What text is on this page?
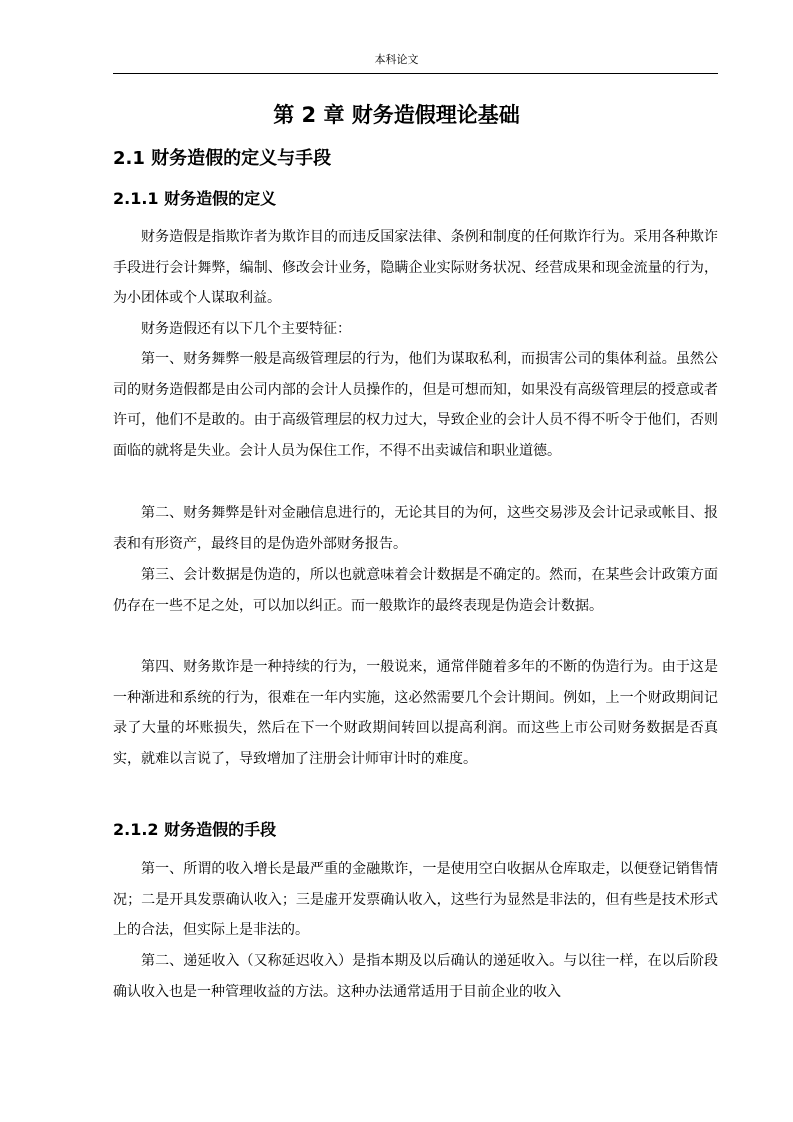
本科论文
第 2 章 财务造假理论基础
2.1 财务造假的定义与手段
2.1.1 财务造假的定义

财务造假是指欺诈者为欺诈目的而违反国家法律、条例和制度的任何欺诈行为。采用各种欺诈手段进行会计舞弊，编制、修改会计业务，隐瞒企业实际财务状况、经营成果和现金流量的行为，为小团体或个人谋取利益。

财务造假还有以下几个主要特征：

第一、财务舞弊一般是高级管理层的行为，他们为谋取私利，而损害公司的集体利益。虽然公司的财务造假都是由公司内部的会计人员操作的，但是可想而知，如果没有高级管理层的授意或者许可，他们不是敢的。由于高级管理层的权力过大，导致企业的会计人员不得不听令于他们，否则面临的就将是失业。会计人员为保住工作，不得不出卖诚信和职业道德。

第二、财务舞弊是针对金融信息进行的，无论其目的为何，这些交易涉及会计记录或帐目、报表和有形资产，最终目的是伪造外部财务报告。

第三、会计数据是伪造的，所以也就意味着会计数据是不确定的。然而，在某些会计政策方面仍存在一些不足之处，可以加以纠正。而一般欺诈的最终表现是伪造会计数据。

第四、财务欺诈是一种持续的行为，一般说来，通常伴随着多年的不断的伪造行为。由于这是一种渐进和系统的行为，很难在一年内实施，这必然需要几个会计期间。例如，上一个财政期间记录了大量的坏账损失，然后在下一个财政期间转回以提高利润。而这些上市公司财务数据是否真实，就难以言说了，导致增加了注册会计师审计时的难度。

2.1.2 财务造假的手段

第一、所谓的收入增长是最严重的金融欺诈，一是使用空白收据从仓库取走，以便登记销售情况；二是开具发票确认收入；三是虚开发票确认收入，这些行为显然是非法的，但有些是技术形式上的合法，但实际上是非法的。

第二、递延收入（又称延迟收入）是指本期及以后确认的递延收入。与以往一样，在以后阶段确认收入也是一种管理收益的方法。这种办法通常适用于目前企业的收入
